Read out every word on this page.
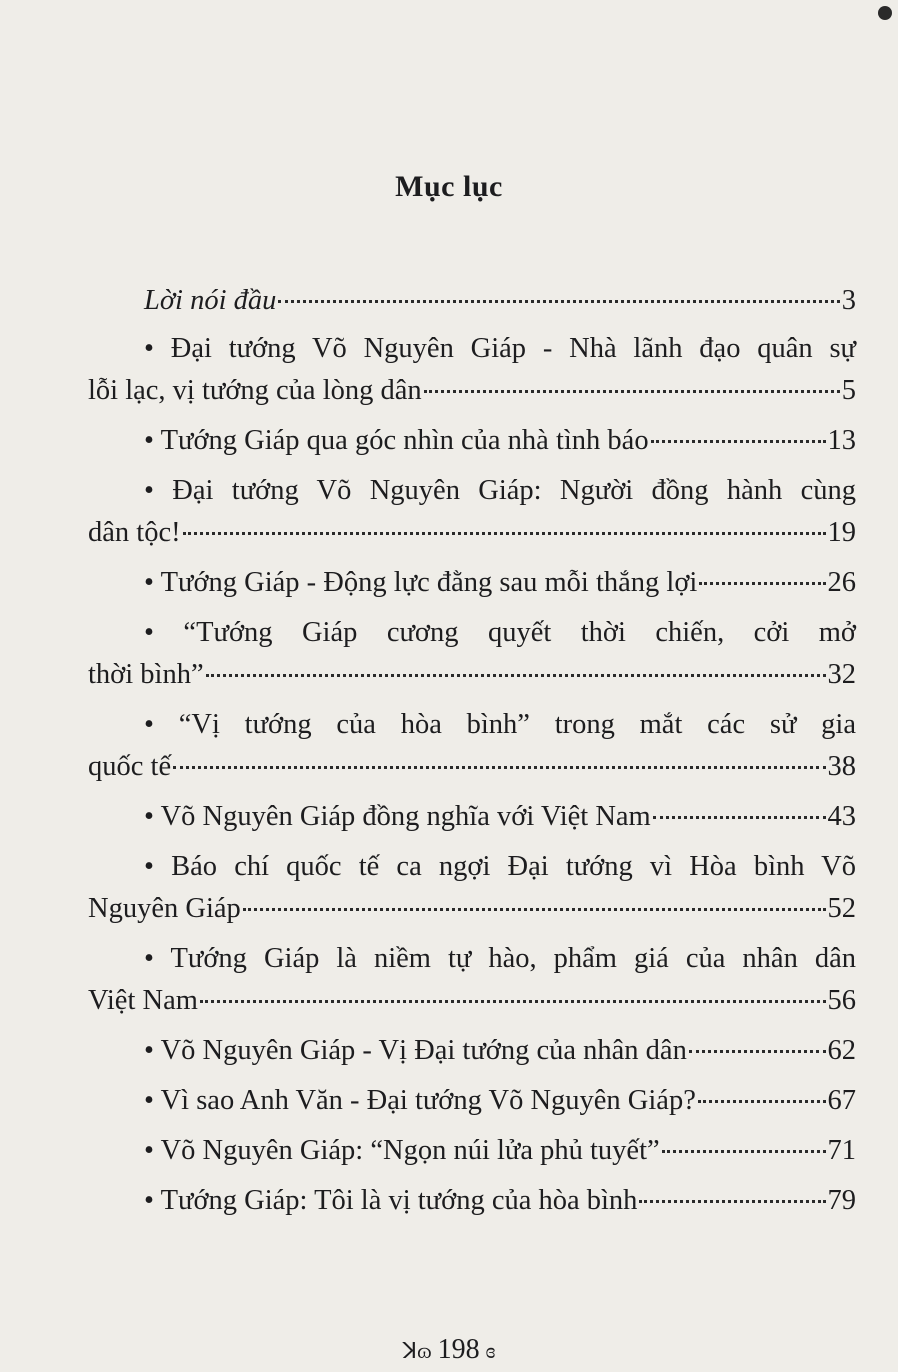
Mục lục
Lời nói đầu	3
• Đại tướng Võ Nguyên Giáp - Nhà lãnh đạo quân sự
lỗi lạc, vị tướng của lòng dân	5
• Tướng Giáp qua góc nhìn của nhà tình báo	13
• Đại tướng Võ Nguyên Giáp: Người đồng hành cùng
dân tộc!	19
• Tướng Giáp - Động lực đằng sau mỗi thắng lợi	26
• “Tướng Giáp cương quyết thời chiến, cởi mở
thời bình”	32
• “Vị tướng của hòa bình” trong mắt các sử gia
quốc tế	38
• Võ Nguyên Giáp đồng nghĩa với Việt Nam	43
• Báo chí quốc tế ca ngợi Đại tướng vì Hòa bình Võ
Nguyên Giáp	52
• Tướng Giáp là niềm tự hào, phẩm giá của nhân dân
Việt Nam	56
• Võ Nguyên Giáp - Vị Đại tướng của nhân dân	62
• Vì sao Anh Văn - Đại tướng Võ Nguyên Giáp?	67
• Võ Nguyên Giáp: “Ngọn núi lửa phủ tuyết”	71
• Tướng Giáp: Tôi là vị tướng của hòa bình	79
ꓘɷ 198 ɞ
